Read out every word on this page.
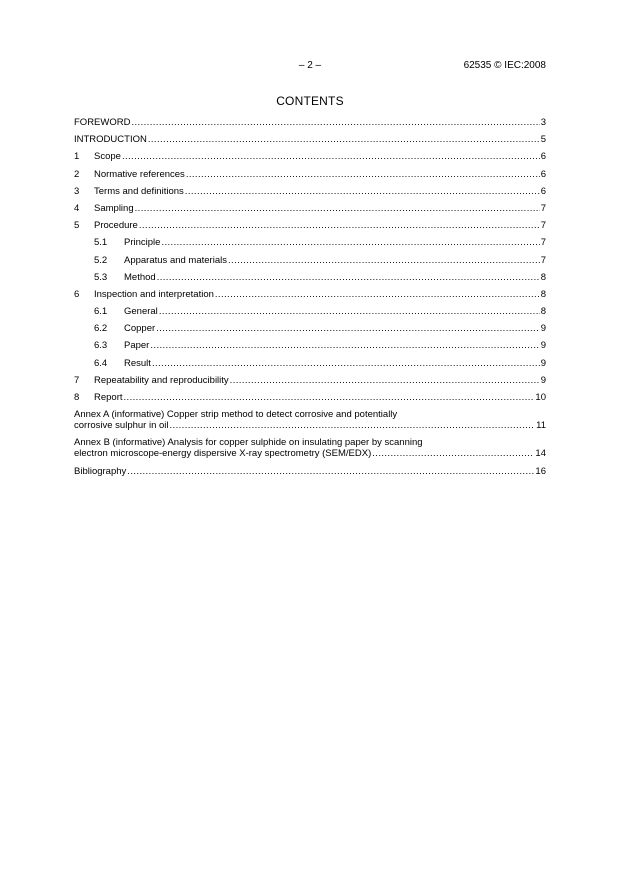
– 2 –	62535 © IEC:2008
CONTENTS
FOREWORD .....	3
INTRODUCTION .....	5
1	Scope .....	6
2	Normative references .....	6
3	Terms and definitions .....	6
4	Sampling .....	7
5	Procedure .....	7
5.1	Principle .....	7
5.2	Apparatus and materials .....	7
5.3	Method .....	8
6	Inspection and interpretation .....	8
6.1	General .....	8
6.2	Copper .....	9
6.3	Paper .....	9
6.4	Result .....	9
7	Repeatability and reproducibility .....	9
8	Report .....	10
Annex A (informative) Copper strip method to detect corrosive and potentially
corrosive sulphur in oil .....	11
Annex B (informative) Analysis for copper sulphide on insulating paper by scanning
electron microscope-energy dispersive X-ray spectrometry (SEM/EDX) .....	14
Bibliography .....	16
